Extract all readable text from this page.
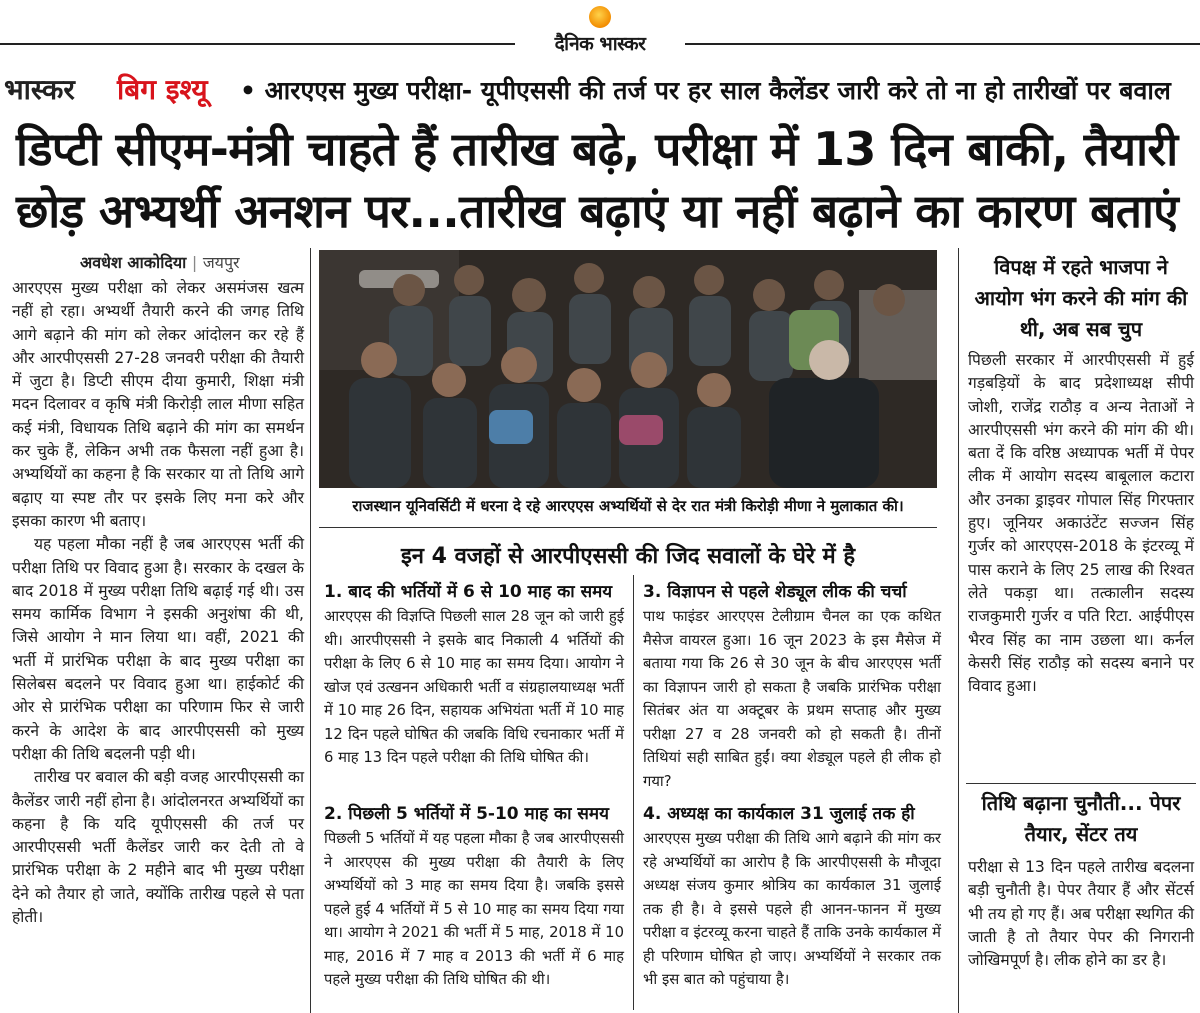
दैनिक भास्कर
भास्कर बिग इश्यू • आरएएस मुख्य परीक्षा- यूपीएससी की तर्ज पर हर साल कैलेंडर जारी करे तो ना हो तारीखों पर बवाल
डिप्टी सीएम-मंत्री चाहते हैं तारीख बढ़े, परीक्षा में 13 दिन बाकी, तैयारी छोड़ अभ्यर्थी अनशन पर...तारीख बढ़ाएं या नहीं बढ़ाने का कारण बताएं
अवधेश आकोदिया | जयपुर

आरएएस मुख्य परीक्षा को लेकर असमंजस खत्म नहीं हो रहा। अभ्यर्थी तैयारी करने की जगह तिथि आगे बढ़ाने की मांग को लेकर आंदोलन कर रहे हैं और आरपीएससी 27-28 जनवरी परीक्षा की तैयारी में जुटा है। डिप्टी सीएम दीया कुमारी, शिक्षा मंत्री मदन दिलावर व कृषि मंत्री किरोड़ी लाल मीणा सहित कई मंत्री, विधायक तिथि बढ़ाने की मांग का समर्थन कर चुके हैं, लेकिन अभी तक फैसला नहीं हुआ है। अभ्यर्थियों का कहना है कि सरकार या तो तिथि आगे बढ़ाए या स्पष्ट तौर पर इसके लिए मना करे और इसका कारण भी बताए।

यह पहला मौका नहीं है जब आरएएस भर्ती की परीक्षा तिथि पर विवाद हुआ है। सरकार के दखल के बाद 2018 में मुख्य परीक्षा तिथि बढ़ाई गई थी। उस समय कार्मिक विभाग ने इसकी अनुशंषा की थी, जिसे आयोग ने मान लिया था। वहीं, 2021 की भर्ती में प्रारंभिक परीक्षा के बाद मुख्य परीक्षा का सिलेबस बदलने पर विवाद हुआ था। हाईकोर्ट की ओर से प्रारंभिक परीक्षा का परिणाम फिर से जारी करने के आदेश के बाद आरपीएससी को मुख्य परीक्षा की तिथि बदलनी पड़ी थी।

तारीख पर बवाल की बड़ी वजह आरपीएससी का कैलेंडर जारी नहीं होना है। आंदोलनरत अभ्यर्थियों का कहना है कि यदि यूपीएससी की तर्ज पर आरपीएससी भर्ती कैलेंडर जारी कर देती तो वे प्रारंभिक परीक्षा के 2 महीने बाद भी मुख्य परीक्षा देने को तैयार हो जाते, क्योंकि तारीख पहले से पता होती।

राजस्थान यूनिवर्सिटी में धरना दे रहे आरएएस अभ्यर्थियों से देर रात मंत्री किरोड़ी मीणा ने मुलाकात की।
इन 4 वजहों से आरपीएससी की जिद सवालों के घेरे में है
1. बाद की भर्तियों में 6 से 10 माह का समय
आरएएस की विज्ञप्ति पिछली साल 28 जून को जारी हुई थी। आरपीएससी ने इसके बाद निकाली 4 भर्तियों की परीक्षा के लिए 6 से 10 माह का समय दिया। आयोग ने खोज एवं उत्खनन अधिकारी भर्ती व संग्रहालयाध्यक्ष भर्ती में 10 माह 26 दिन, सहायक अभियंता भर्ती में 10 माह 12 दिन पहले घोषित की जबकि विधि रचनाकार भर्ती में 6 माह 13 दिन पहले परीक्षा की तिथि घोषित की।
2. पिछली 5 भर्तियों में 5-10 माह का समय
पिछली 5 भर्तियों में यह पहला मौका है जब आरपीएससी ने आरएएस की मुख्य परीक्षा की तैयारी के लिए अभ्यर्थियों को 3 माह का समय दिया है। जबकि इससे पहले हुई 4 भर्तियों में 5 से 10 माह का समय दिया गया था। आयोग ने 2021 की भर्ती में 5 माह, 2018 में 10 माह, 2016 में 7 माह व 2013 की भर्ती में 6 माह पहले मुख्य परीक्षा की तिथि घोषित की थी।
3. विज्ञापन से पहले शेड्यूल लीक की चर्चा
पाथ फाइंडर आरएएस टेलीग्राम चैनल का एक कथित मैसेज वायरल हुआ। 16 जून 2023 के इस मैसेज में बताया गया कि 26 से 30 जून के बीच आरएएस भर्ती का विज्ञापन जारी हो सकता है जबकि प्रारंभिक परीक्षा सितंबर अंत या अक्टूबर के प्रथम सप्ताह और मुख्य परीक्षा 27 व 28 जनवरी को हो सकती है। तीनों तिथियां सही साबित हुईं। क्या शेड्यूल पहले ही लीक हो गया?
4. अध्यक्ष का कार्यकाल 31 जुलाई तक ही
आरएएस मुख्य परीक्षा की तिथि आगे बढ़ाने की मांग कर रहे अभ्यर्थियों का आरोप है कि आरपीएससी के मौजूदा अध्यक्ष संजय कुमार श्रोत्रिय का कार्यकाल 31 जुलाई तक ही है। वे इससे पहले ही आनन-फानन में मुख्य परीक्षा व इंटरव्यू करना चाहते हैं ताकि उनके कार्यकाल में ही परिणाम घोषित हो जाए। अभ्यर्थियों ने सरकार तक भी इस बात को पहुंचाया है।
विपक्ष में रहते भाजपा ने आयोग भंग करने की मांग की थी, अब सब चुप
पिछली सरकार में आरपीएससी में हुई गड़बड़ियों के बाद प्रदेशाध्यक्ष सीपी जोशी, राजेंद्र राठौड़ व अन्य नेताओं ने आरपीएससी भंग करने की मांग की थी। बता दें कि वरिष्ठ अध्यापक भर्ती में पेपर लीक में आयोग सदस्य बाबूलाल कटारा और उनका ड्राइवर गोपाल सिंह गिरफ्तार हुए। जूनियर अकाउंटेंट सज्जन सिंह गुर्जर को आरएएस-2018 के इंटरव्यू में पास कराने के लिए 25 लाख की रिश्वत लेते पकड़ा था। तत्कालीन सदस्य राजकुमारी गुर्जर व पति रिटा. आईपीएस भैरव सिंह का नाम उछला था। कर्नल केसरी सिंह राठौड़ को सदस्य बनाने पर विवाद हुआ।
तिथि बढ़ाना चुनौती... पेपर तैयार, सेंटर तय
परीक्षा से 13 दिन पहले तारीख बदलना बड़ी चुनौती है। पेपर तैयार हैं और सेंटर्स भी तय हो गए हैं। अब परीक्षा स्थगित की जाती है तो तैयार पेपर की निगरानी जोखिमपूर्ण है। लीक होने का डर है।
